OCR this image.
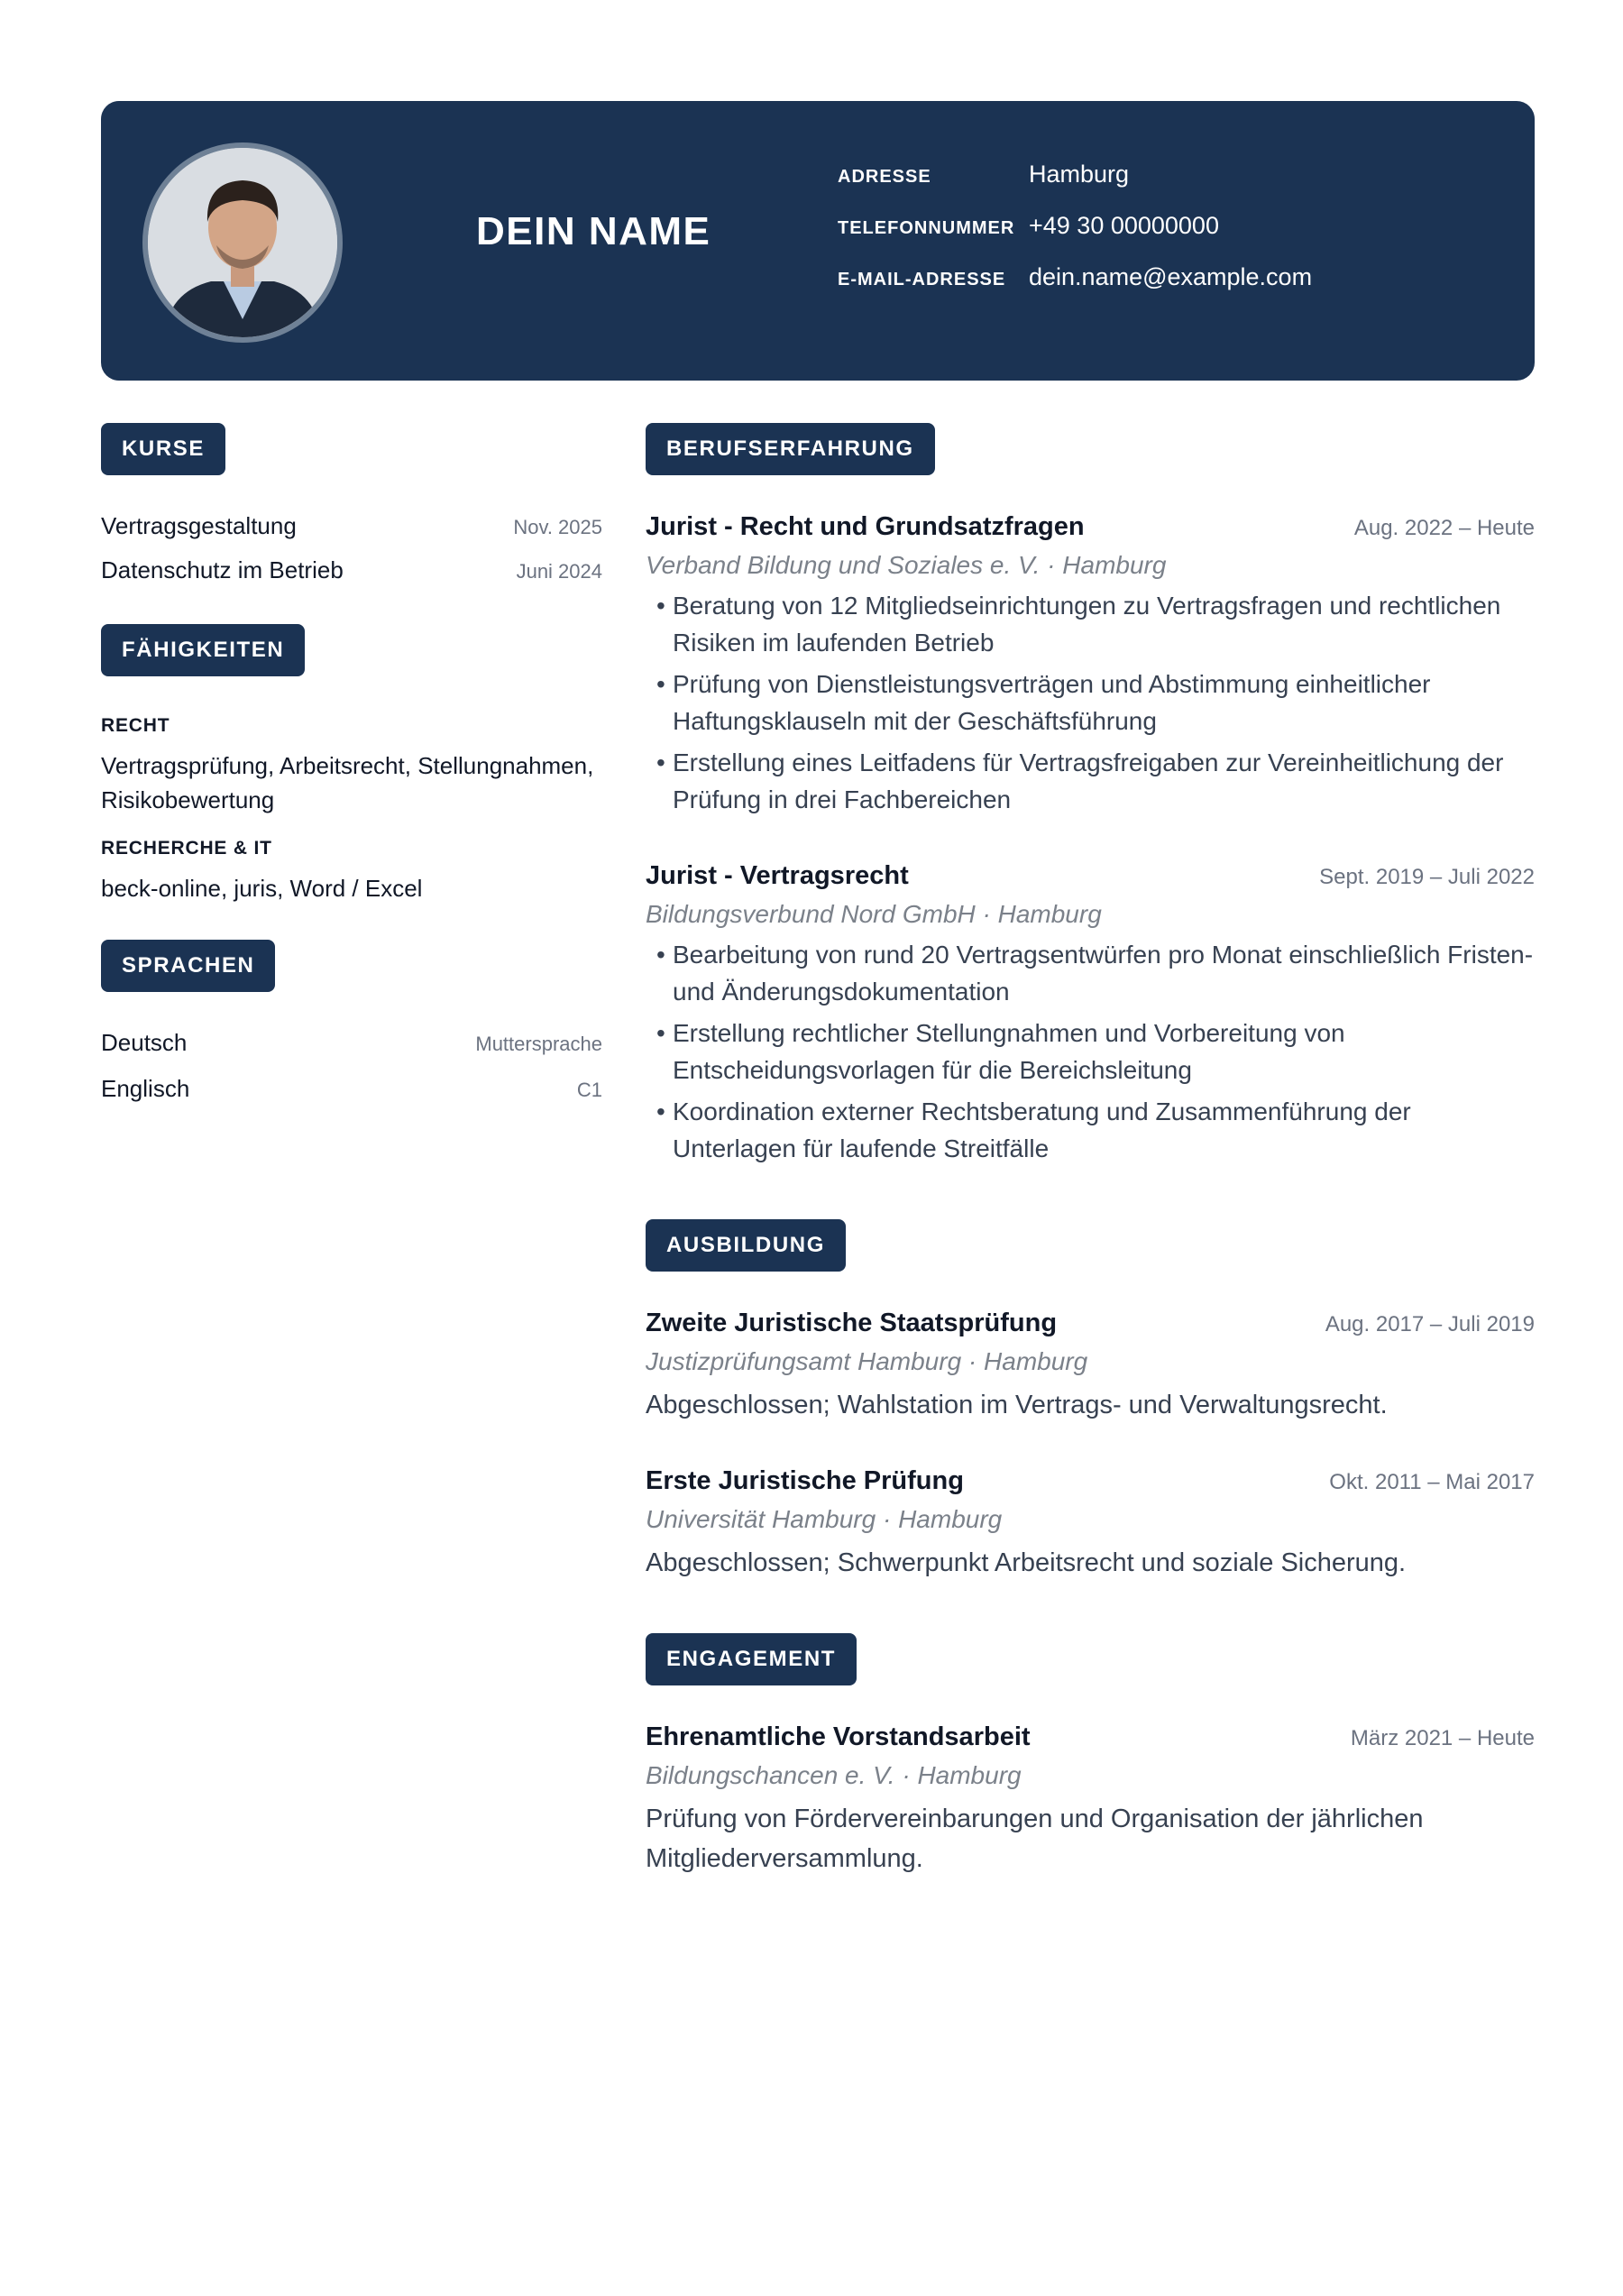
DEIN NAME
ADRESSE	Hamburg
TELEFONNUMMER +49 30 00000000
E-MAIL-ADRESSE dein.name@example.com
KURSE
Vertragsgestaltung	Nov. 2025
Datenschutz im Betrieb	Juni 2024
FÄHIGKEITEN
RECHT
Vertragsprüfung, Arbeitsrecht, Stellungnahmen, Risikobewertung
RECHERCHE & IT
beck-online, juris, Word / Excel
SPRACHEN
Deutsch	Muttersprache
Englisch	C1
BERUFSERFAHRUNG
Jurist - Recht und Grundsatzfragen	Aug. 2022 – Heute
Verband Bildung und Soziales e. V. · Hamburg
• Beratung von 12 Mitgliedseinrichtungen zu Vertragsfragen und rechtlichen Risiken im laufenden Betrieb
• Prüfung von Dienstleistungsverträgen und Abstimmung einheitlicher Haftungsklauseln mit der Geschäftsführung
• Erstellung eines Leitfadens für Vertragsfreigaben zur Vereinheitlichung der Prüfung in drei Fachbereichen
Jurist - Vertragsrecht	Sept. 2019 – Juli 2022
Bildungsverbund Nord GmbH · Hamburg
• Bearbeitung von rund 20 Vertragsentwürfen pro Monat einschließlich Fristen- und Änderungsdokumentation
• Erstellung rechtlicher Stellungnahmen und Vorbereitung von Entscheidungsvorlagen für die Bereichsleitung
• Koordination externer Rechtsberatung und Zusammenführung der Unterlagen für laufende Streitfälle
AUSBILDUNG
Zweite Juristische Staatsprüfung	Aug. 2017 – Juli 2019
Justizprüfungsamt Hamburg · Hamburg
Abgeschlossen; Wahlstation im Vertrags- und Verwaltungsrecht.
Erste Juristische Prüfung	Okt. 2011 – Mai 2017
Universität Hamburg · Hamburg
Abgeschlossen; Schwerpunkt Arbeitsrecht und soziale Sicherung.
ENGAGEMENT
Ehrenamtliche Vorstandsarbeit	März 2021 – Heute
Bildungschancen e. V. · Hamburg
Prüfung von Fördervereinbarungen und Organisation der jährlichen Mitgliederversammlung.
